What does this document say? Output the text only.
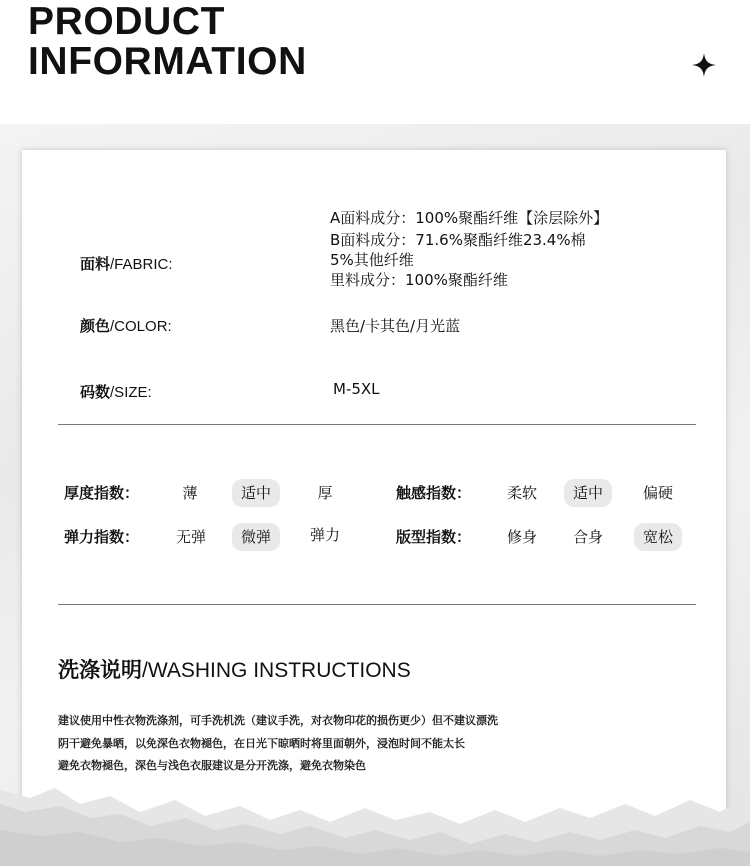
PRODUCT
INFORMATION
面料/FABRIC:
A面料成分：100%聚酯纤维【涂层除外】
B面料成分：71.6%聚酯纤维23.4%棉
5%其他纤维
里料成分：100%聚酯纤维
颜色/COLOR:	黑色/卡其色/月光蓝
码数/SIZE:	M-5XL
厚度指数：	薄	适中	厚	触感指数：	柔软	适中	偏硬
弹力指数：	无弹	微弹	弹力	版型指数：	修身	合身	宽松
洗涤说明/WASHING INSTRUCTIONS
建议使用中性衣物洗涤剂，可手洗机洗（建议手洗，对衣物印花的损伤更少）但不建议漂洗
阴干避免暴晒，以免深色衣物褪色，在日光下晾晒时将里面朝外，浸泡时间不能太长
避免衣物褪色，深色与浅色衣服建议是分开洗涤，避免衣物染色
